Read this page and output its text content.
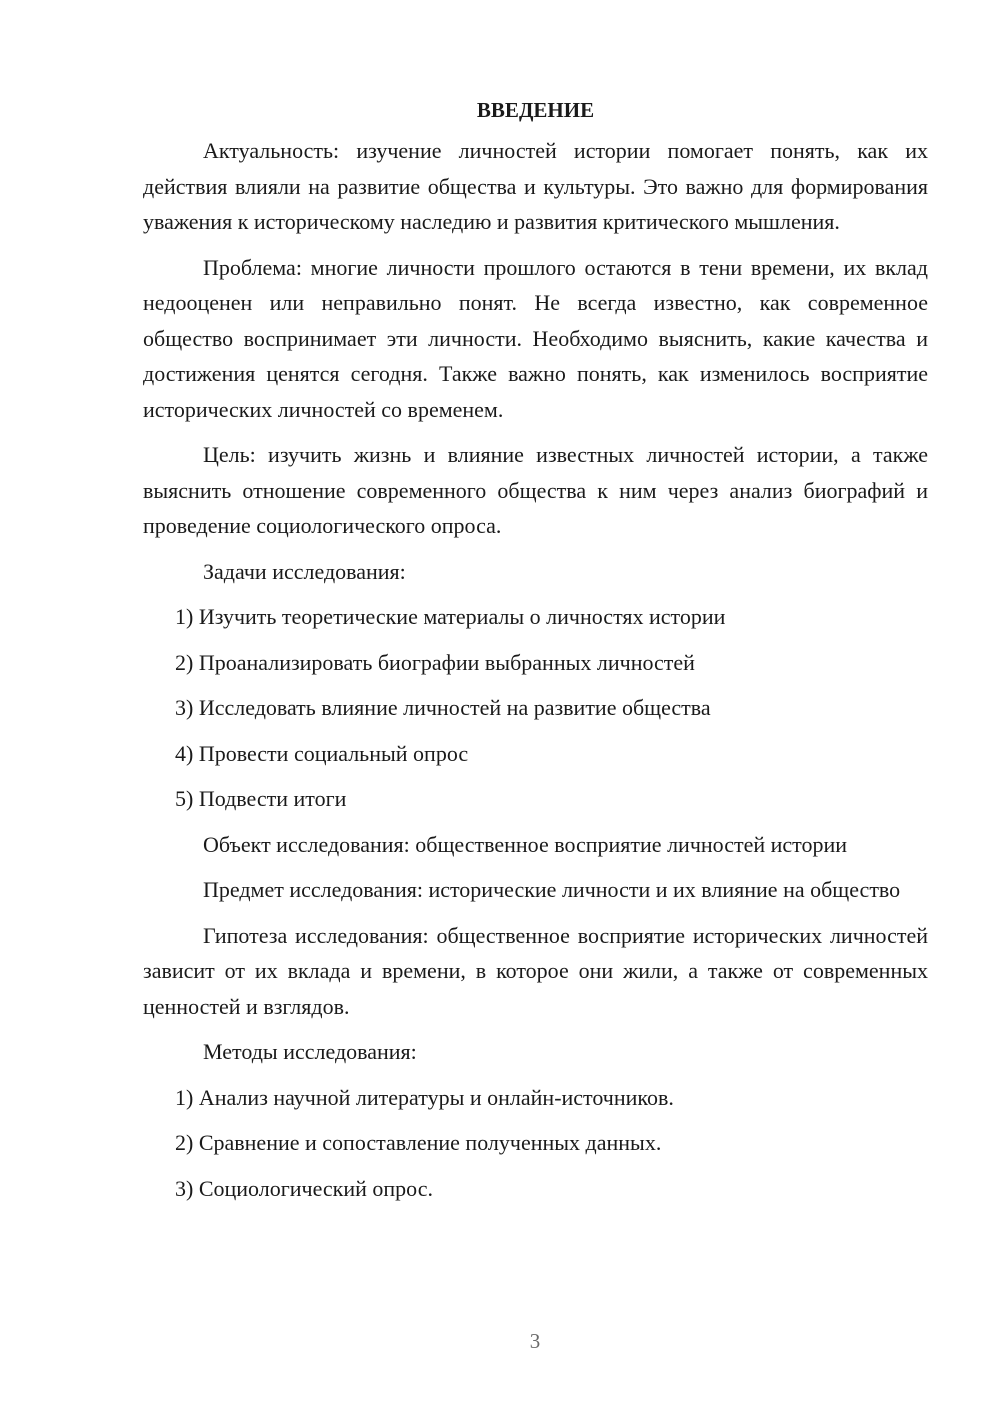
ВВЕДЕНИЕ

Актуальность: изучение личностей истории помогает понять, как их действия влияли на развитие общества и культуры. Это важно для формирования уважения к историческому наследию и развития критического мышления.

Проблема: многие личности прошлого остаются в тени времени, их вклад недооценен или неправильно понят. Не всегда известно, как современное общество воспринимает эти личности. Необходимо выяснить, какие качества и достижения ценятся сегодня. Также важно понять, как изменилось восприятие исторических личностей со временем.

Цель: изучить жизнь и влияние известных личностей истории, а также выяснить отношение современного общества к ним через анализ биографий и проведение социологического опроса.

Задачи исследования:

1) Изучить теоретические материалы о личностях истории

2) Проанализировать биографии выбранных личностей

3) Исследовать влияние личностей на развитие общества

4) Провести социальный опрос

5) Подвести итоги

Объект исследования: общественное восприятие личностей истории

Предмет исследования: исторические личности и их влияние на общество

Гипотеза исследования: общественное восприятие исторических личностей зависит от их вклада и времени, в которое они жили, а также от современных ценностей и взглядов.

Методы исследования:

1) Анализ научной литературы и онлайн-источников.

2) Сравнение и сопоставление полученных данных.

3) Социологический опрос.

3
